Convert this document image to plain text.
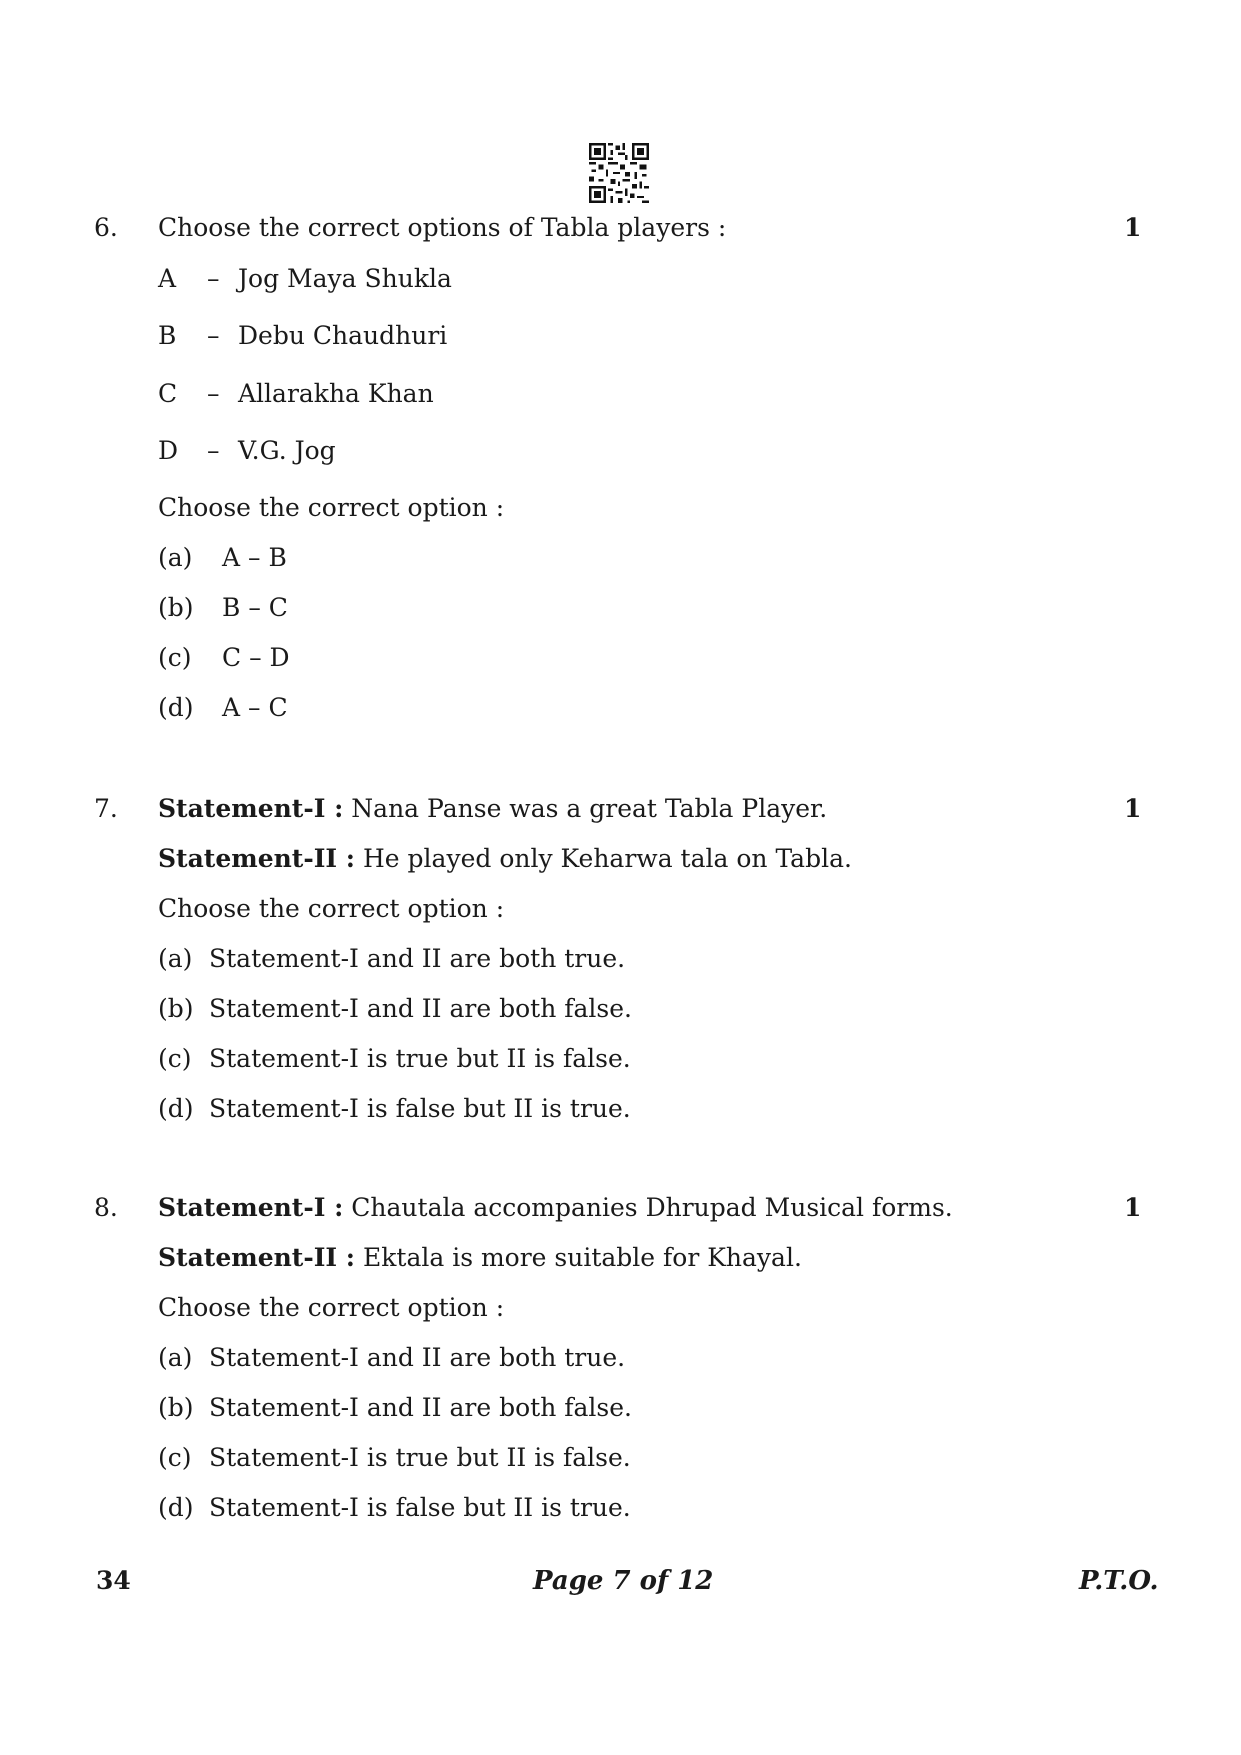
6. Choose the correct options of Tabla players :	1
A – Jog Maya Shukla
B – Debu Chaudhuri
C – Allarakha Khan
D – V.G. Jog
Choose the correct option :
(a) A – B
(b) B – C
(c) C – D
(d) A – C
7. Statement-I : Nana Panse was a great Tabla Player.	1
Statement-II : He played only Keharwa tala on Tabla.
Choose the correct option :
(a) Statement-I and II are both true.
(b) Statement-I and II are both false.
(c) Statement-I is true but II is false.
(d) Statement-I is false but II is true.
8. Statement-I : Chautala accompanies Dhrupad Musical forms.	1
Statement-II : Ektala is more suitable for Khayal.
Choose the correct option :
(a) Statement-I and II are both true.
(b) Statement-I and II are both false.
(c) Statement-I is true but II is false.
(d) Statement-I is false but II is true.
34	Page 7 of 12	P.T.O.
